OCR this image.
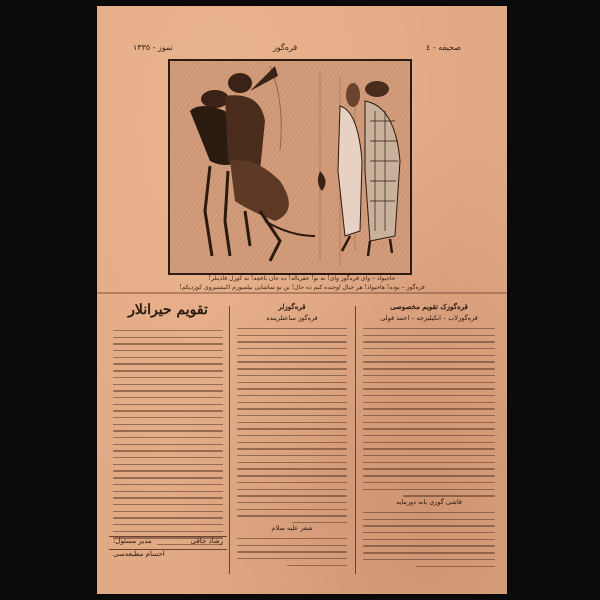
صحيفه - ٤
قره‌گوز
تموز - ١٣٣٥
حاجیواد – وای قره‌گوز وای! نه بو! عقرباله! ده جان باغچه! نه کوزل قادینلر!
قره‌گوز – بوده! هاجیواد! هر خیال اوجنده کیم ده حال! بن بو تماشایی بیلمیورم اکیشتیروی کوزدیکم!
قره‌گوزک تقویم مخصوصی
قره‌گوزلاب – انکیلیزجه – احمد قولی
قاشی گوزی بابه دورمایه
قره‌گوزلر
قره‌گوز ساعتلرینده
شعر علیه سلام
تقویم حیرانلار
رشاد جاقی
مدیر مسئول:
احسام مطبعه‌سی
